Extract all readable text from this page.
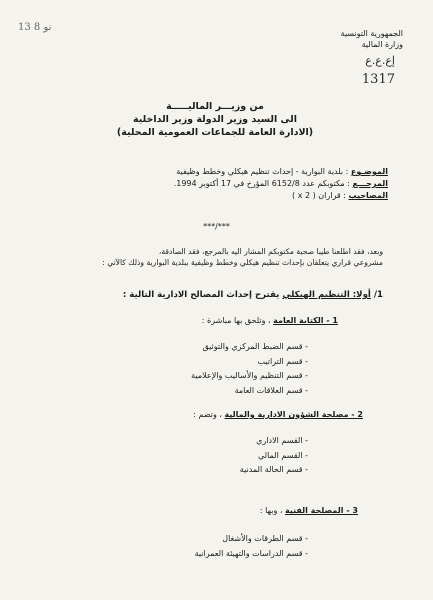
13 نو 8
الجمهورية التونسية
وزارة المالية
إع.ع.ع
1317
من وزيـــر الماليـــــة
الى السيد وزير الدولة وزير الداخلية
(الادارة العامة للجماعات العمومية المحلية)
الموضـوع : بلدية البوارية - إحداث تنظيم هيكلي وخطط وظيفية
المرجـــع : مكتوبكم عدد 6152/8 المؤرخ في 17 أكتوبر 1994.
المصاحيب : قراران ( 2 x )
***/***
وبعد، فقد اطلعنا طيبا صحبة مكتوبكم المشار اليه بالمرجع، فقد الصادقة،
مشروعي قراري يتعلقان بإحداث تنظيم هيكلي وخطط وظيفية ببلدية البوارية وذلك كالآتي :
1/ أولا: التنظيم الهيكلي يقترح إحداث المصالح الادارية التالية :
1 - الكتابة العامة ، وتلحق بها مباشرة :
- قسم الضبط المركزي والتوثيق
- قسم التراتيب
- قسم التنظيم والأساليب والإعلامية
- قسم العلاقات العامة
2 - مصلحة الشؤون الادارية والمالية ، وتضم :
- القسم الاداري
- القسم المالي
- قسم الحالة المدنية
3 - المصلحة الفنية ، وبها :
- قسم الطرقات والأشغال
- قسم الدراسات والتهيئة العمرانية
